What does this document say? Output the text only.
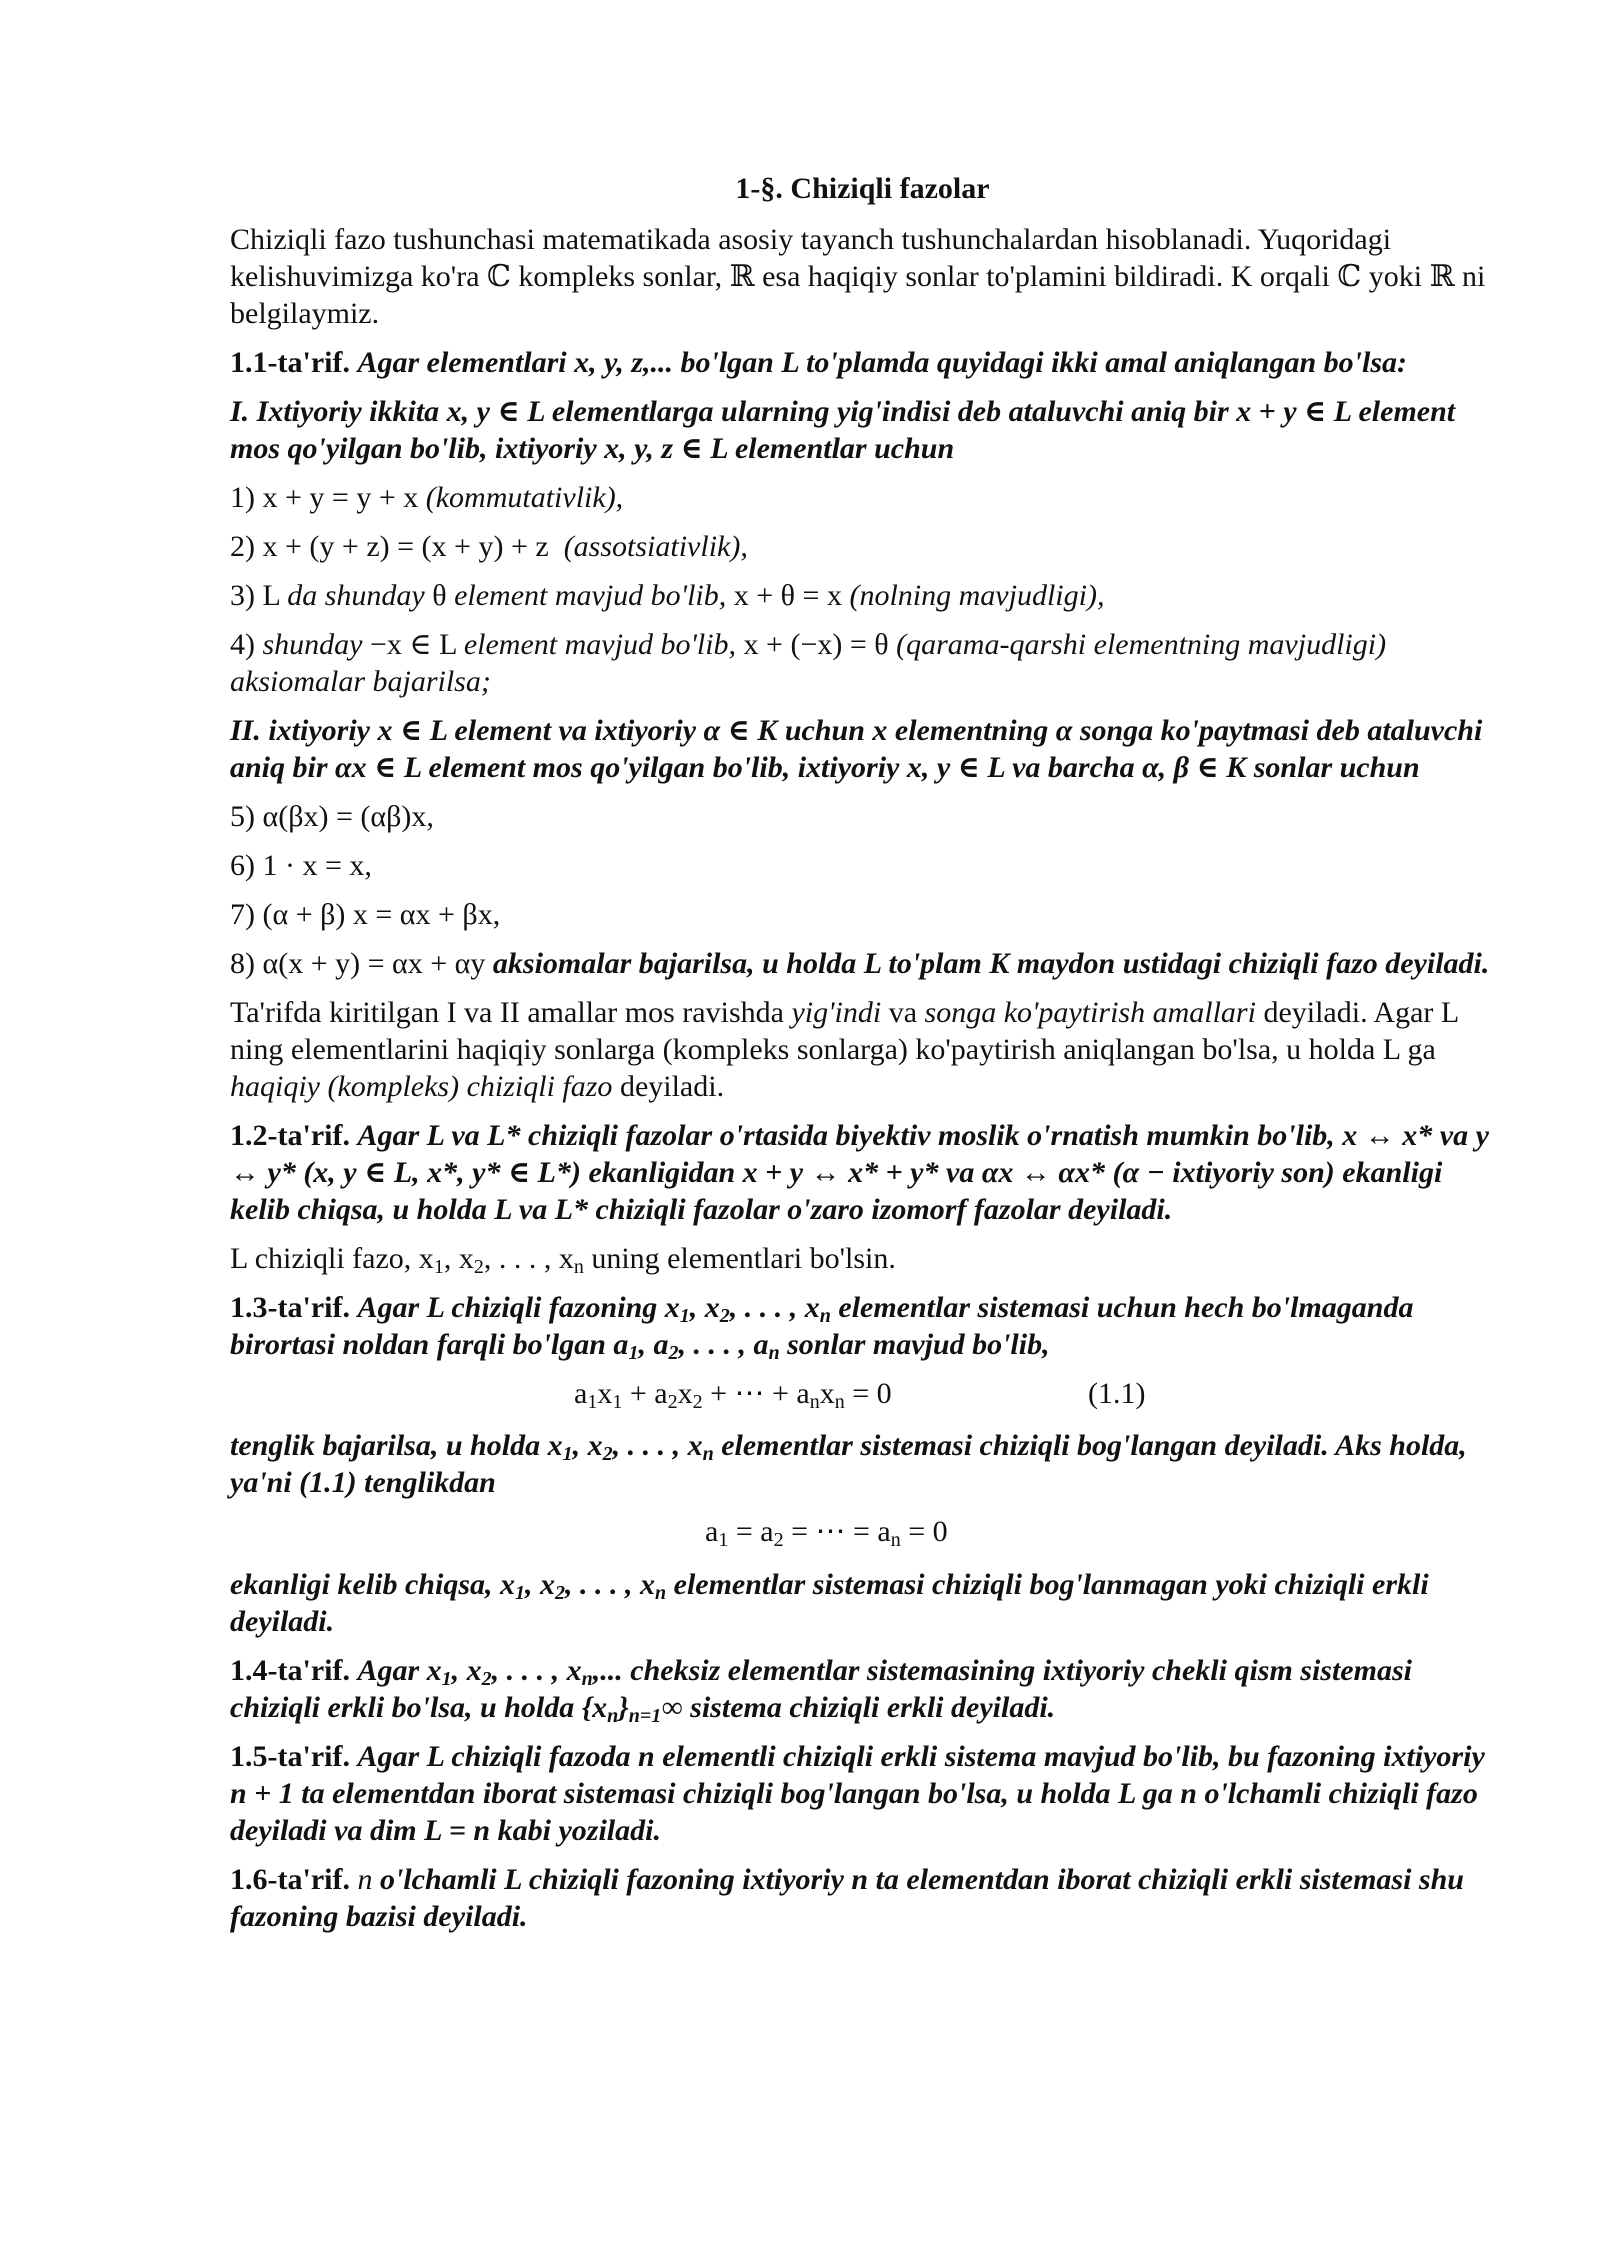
1-§. Chiziqli fazolar

Chiziqli fazo tushunchasi matematikada asosiy tayanch tushunchalardan hisoblanadi. Yuqoridagi kelishuvimizga ko'ra ℂ kompleks sonlar, ℝ esa haqiqiy sonlar to'plamini bildiradi. K orqali ℂ yoki ℝ ni belgilaymiz.

1.1-ta'rif. Agar elementlari x, y, z,... bo'lgan L to'plamda quyidagi ikki amal aniqlangan bo'lsa:

I. Ixtiyoriy ikkita x, y ∈ L elementlarga ularning yig'indisi deb ataluvchi aniq bir x + y ∈ L element mos qo'yilgan bo'lib, ixtiyoriy x, y, z ∈ L elementlar uchun

1) x + y = y + x (kommutativlik),

2) x + (y + z) = (x + y) + z  (assotsiativlik),

3) L da shunday θ element mavjud bo'lib, x + θ = x (nolning mavjudligi),

4) shunday −x ∈ L element mavjud bo'lib, x + (−x) = θ (qarama-qarshi elementning mavjudligi) aksiomalar bajarilsa;

II. ixtiyoriy x ∈ L element va ixtiyoriy α ∈ K uchun x elementning α songa ko'paytmasi deb ataluvchi aniq bir αx ∈ L element mos qo'yilgan bo'lib, ixtiyoriy x, y ∈ L va barcha α, β ∈ K sonlar uchun

5) α(βx) = (αβ)x,

6) 1 · x = x,

7) (α + β) x = αx + βx,

8) α(x + y) = αx + αy aksiomalar bajarilsa, u holda L to'plam K maydon ustidagi chiziqli fazo deyiladi.

Ta'rifda kiritilgan I va II amallar mos ravishda yig'indi va songa ko'paytirish amallari deyiladi. Agar L ning elementlarini haqiqiy sonlarga (kompleks sonlarga) ko'paytirish aniqlangan bo'lsa, u holda L ga haqiqiy (kompleks) chiziqli fazo deyiladi.

1.2-ta'rif. Agar L va L* chiziqli fazolar o'rtasida biyektiv moslik o'rnatish mumkin bo'lib, x ↔ x* va y ↔ y* (x, y ∈ L, x*, y* ∈ L*) ekanligidan x + y ↔ x* + y* va αx ↔ αx* (α − ixtiyoriy son) ekanligi kelib chiqsa, u holda L va L* chiziqli fazolar o'zaro izomorf fazolar deyiladi.

L chiziqli fazo, $x_1$, $x_2$, . . . , $x_n$ uning elementlari bo'lsin.

1.3-ta'rif. Agar L chiziqli fazoning $x_1$, $x_2$, . . . , $x_n$ elementlar sistemasi uchun hech bo'lmaganda birortasi noldan farqli bo'lgan $a_1$, $a_2$, . . . , $a_n$ sonlar mavjud bo'lib,

$a_1x_1 + a_2x_2$ + ⋯ + $a_nx_n = 0$	(1.1)

tenglik bajarilsa, u holda $x_1$, $x_2$, . . . , $x_n$ elementlar sistemasi chiziqli bog'langan deyiladi. Aks holda, ya'ni (1.1) tenglikdan

$a_1 = a_2$ = ⋯ = $a_n = 0$

ekanligi kelib chiqsa, $x_1$, $x_2$, . . . , $x_n$ elementlar sistemasi chiziqli bog'lanmagan yoki chiziqli erkli deyiladi.

1.4-ta'rif. Agar $x_1$, $x_2$, . . . , $x_n$,... cheksiz elementlar sistemasining ixtiyoriy chekli qism sistemasi chiziqli erkli bo'lsa, u holda $\{x_n\}_{n=1}\infty$ sistema chiziqli erkli deyiladi.

1.5-ta'rif. Agar L chiziqli fazoda n elementli chiziqli erkli sistema mavjud bo'lib, bu fazoning ixtiyoriy n + 1 ta elementdan iborat sistemasi chiziqli bog'langan bo'lsa, u holda L ga n o'lchamli chiziqli fazo deyiladi va dim L = n kabi yoziladi.

1.6-ta'rif. n o'lchamli L chiziqli fazoning ixtiyoriy n ta elementdan iborat chiziqli erkli sistemasi shu fazoning bazisi deyiladi.
